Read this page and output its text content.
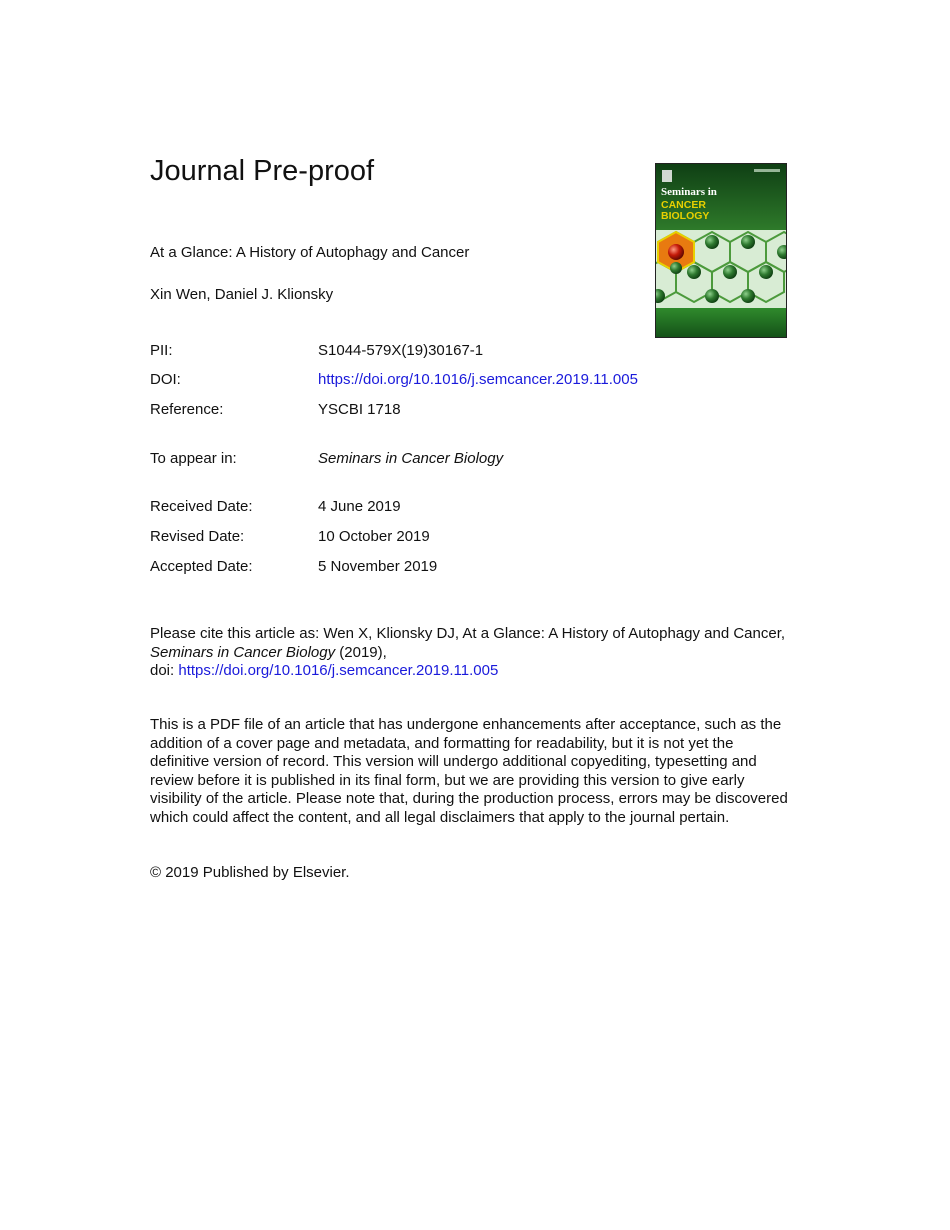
Journal Pre-proof
At a Glance: A History of Autophagy and Cancer
Xin Wen, Daniel J. Klionsky
Seminars in
CANCER
BIOLOGY
PII:	S1044-579X(19)30167-1
DOI:	https://doi.org/10.1016/j.semcancer.2019.11.005
Reference:	YSCBI 1718
To appear in:	Seminars in Cancer Biology
Received Date:	4 June 2019
Revised Date:	10 October 2019
Accepted Date:	5 November 2019
Please cite this article as: Wen X, Klionsky DJ, At a Glance: A History of Autophagy and Cancer, Seminars in Cancer Biology (2019),
doi: https://doi.org/10.1016/j.semcancer.2019.11.005

This is a PDF file of an article that has undergone enhancements after acceptance, such as the addition of a cover page and metadata, and formatting for readability, but it is not yet the definitive version of record. This version will undergo additional copyediting, typesetting and review before it is published in its final form, but we are providing this version to give early visibility of the article. Please note that, during the production process, errors may be discovered which could affect the content, and all legal disclaimers that apply to the journal pertain.

© 2019 Published by Elsevier.
